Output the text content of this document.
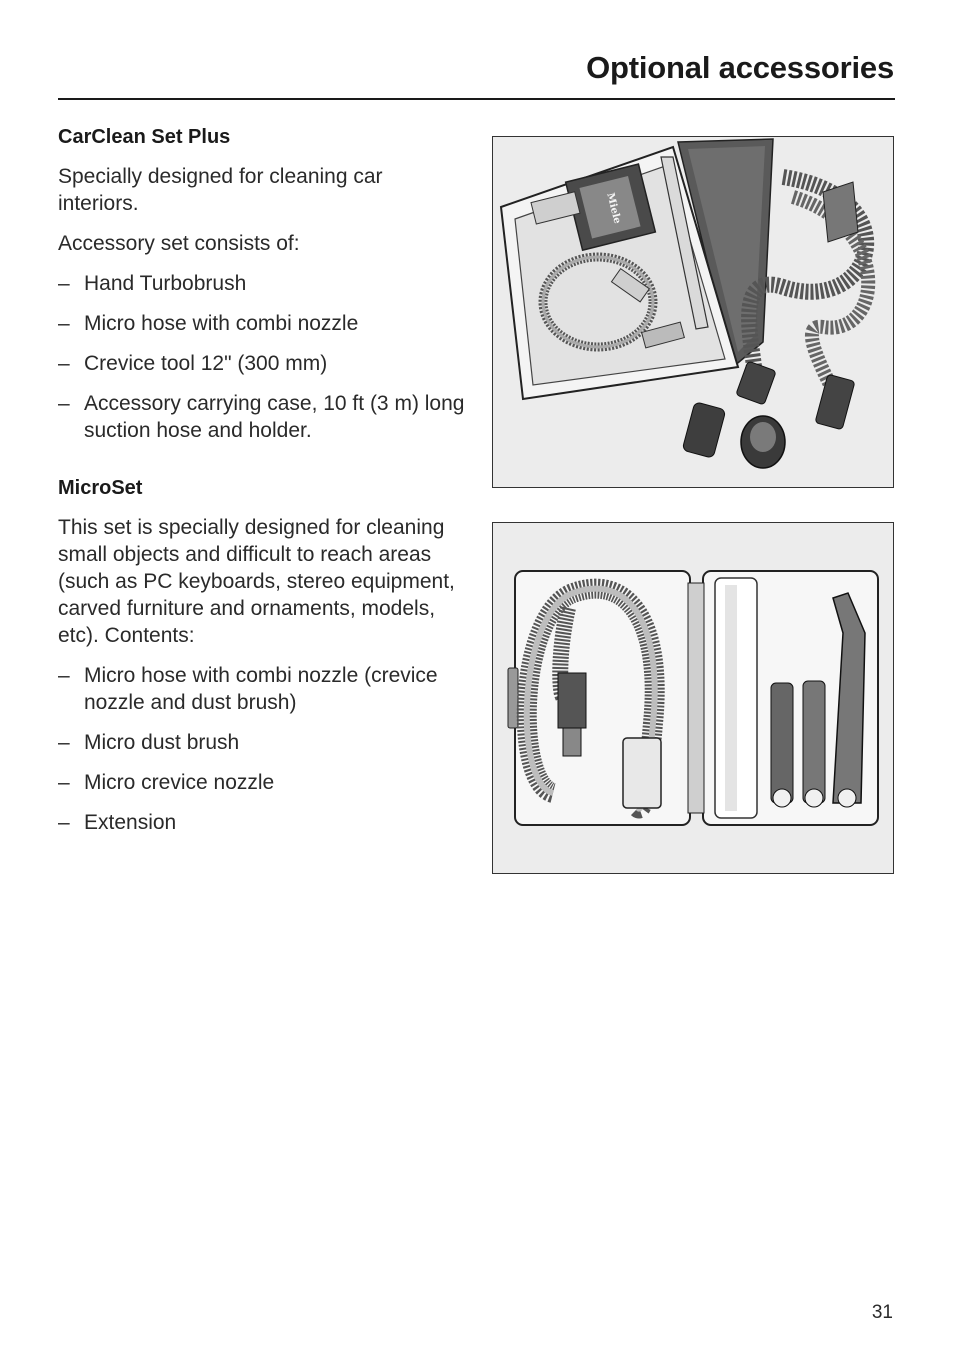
Optional accessories
CarClean Set Plus

Specially designed for cleaning car interiors.

Accessory set consists of:

– Hand Turbobrush
– Micro hose with combi nozzle
– Crevice tool 12" (300 mm)
– Accessory carrying case, 10 ft (3 m) long suction hose and holder.
MicroSet

This set is specially designed for cleaning small objects and difficult to reach areas (such as PC keyboards, stereo equipment, carved furniture and ornaments, models, etc). Contents:

– Micro hose with combi nozzle (crevice nozzle and dust brush)
– Micro dust brush
– Micro crevice nozzle
– Extension
Miele
31
